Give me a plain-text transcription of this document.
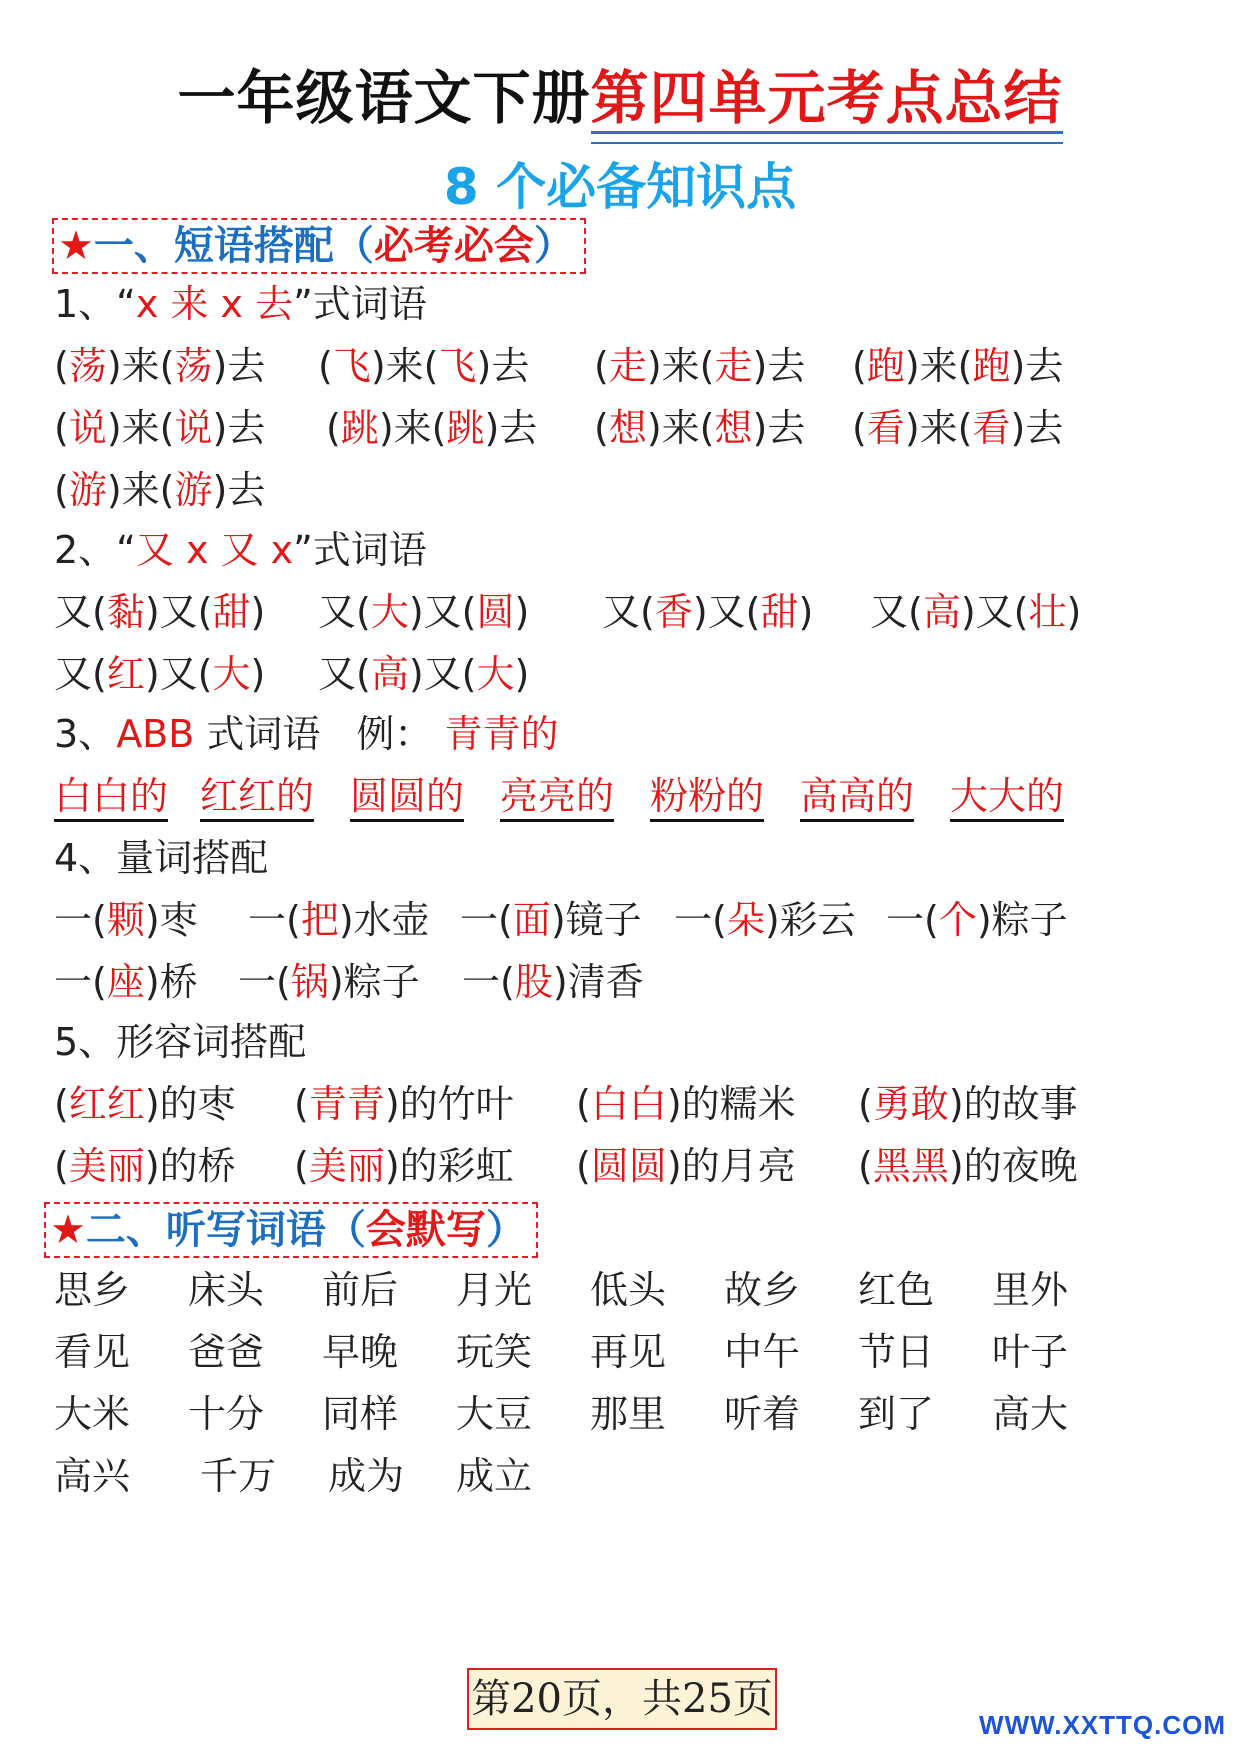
一年级语文下册第四单元考点总结
8 个必备知识点
★一、短语搭配（必考必会）
1、“x 来 x 去”式词语
(荡)来(荡)去 (飞)来(飞)去 (走)来(走)去 (跑)来(跑)去
(说)来(说)去 (跳)来(跳)去 (想)来(想)去 (看)来(看)去
(游)来(游)去
2、“又 x 又 x”式词语
又(黏)又(甜) 又(大)又(圆) 又(香)又(甜) 又(高)又(壮)
又(红)又(大) 又(高)又(大)
3、ABB 式词语 例： 青青的
白白的 红红的 圆圆的 亮亮的 粉粉的 高高的 大大的
4、量词搭配
一(颗)枣 一(把)水壶 一(面)镜子 一(朵)彩云 一(个)粽子
一(座)桥 一(锅)粽子 一(股)清香
5、形容词搭配
(红红)的枣 (青青)的竹叶 (白白)的糯米 (勇敢)的故事
(美丽)的桥 (美丽)的彩虹 (圆圆)的月亮 (黑黑)的夜晚
★二、听写词语（会默写）
思乡 床头 前后 月光 低头 故乡 红色 里外
看见 爸爸 早晚 玩笑 再见 中午 节日 叶子
大米 十分 同样 大豆 那里 听着 到了 高大
高兴 千万 成为 成立
第20页，共25页
WWW.XXTTQ.COM
